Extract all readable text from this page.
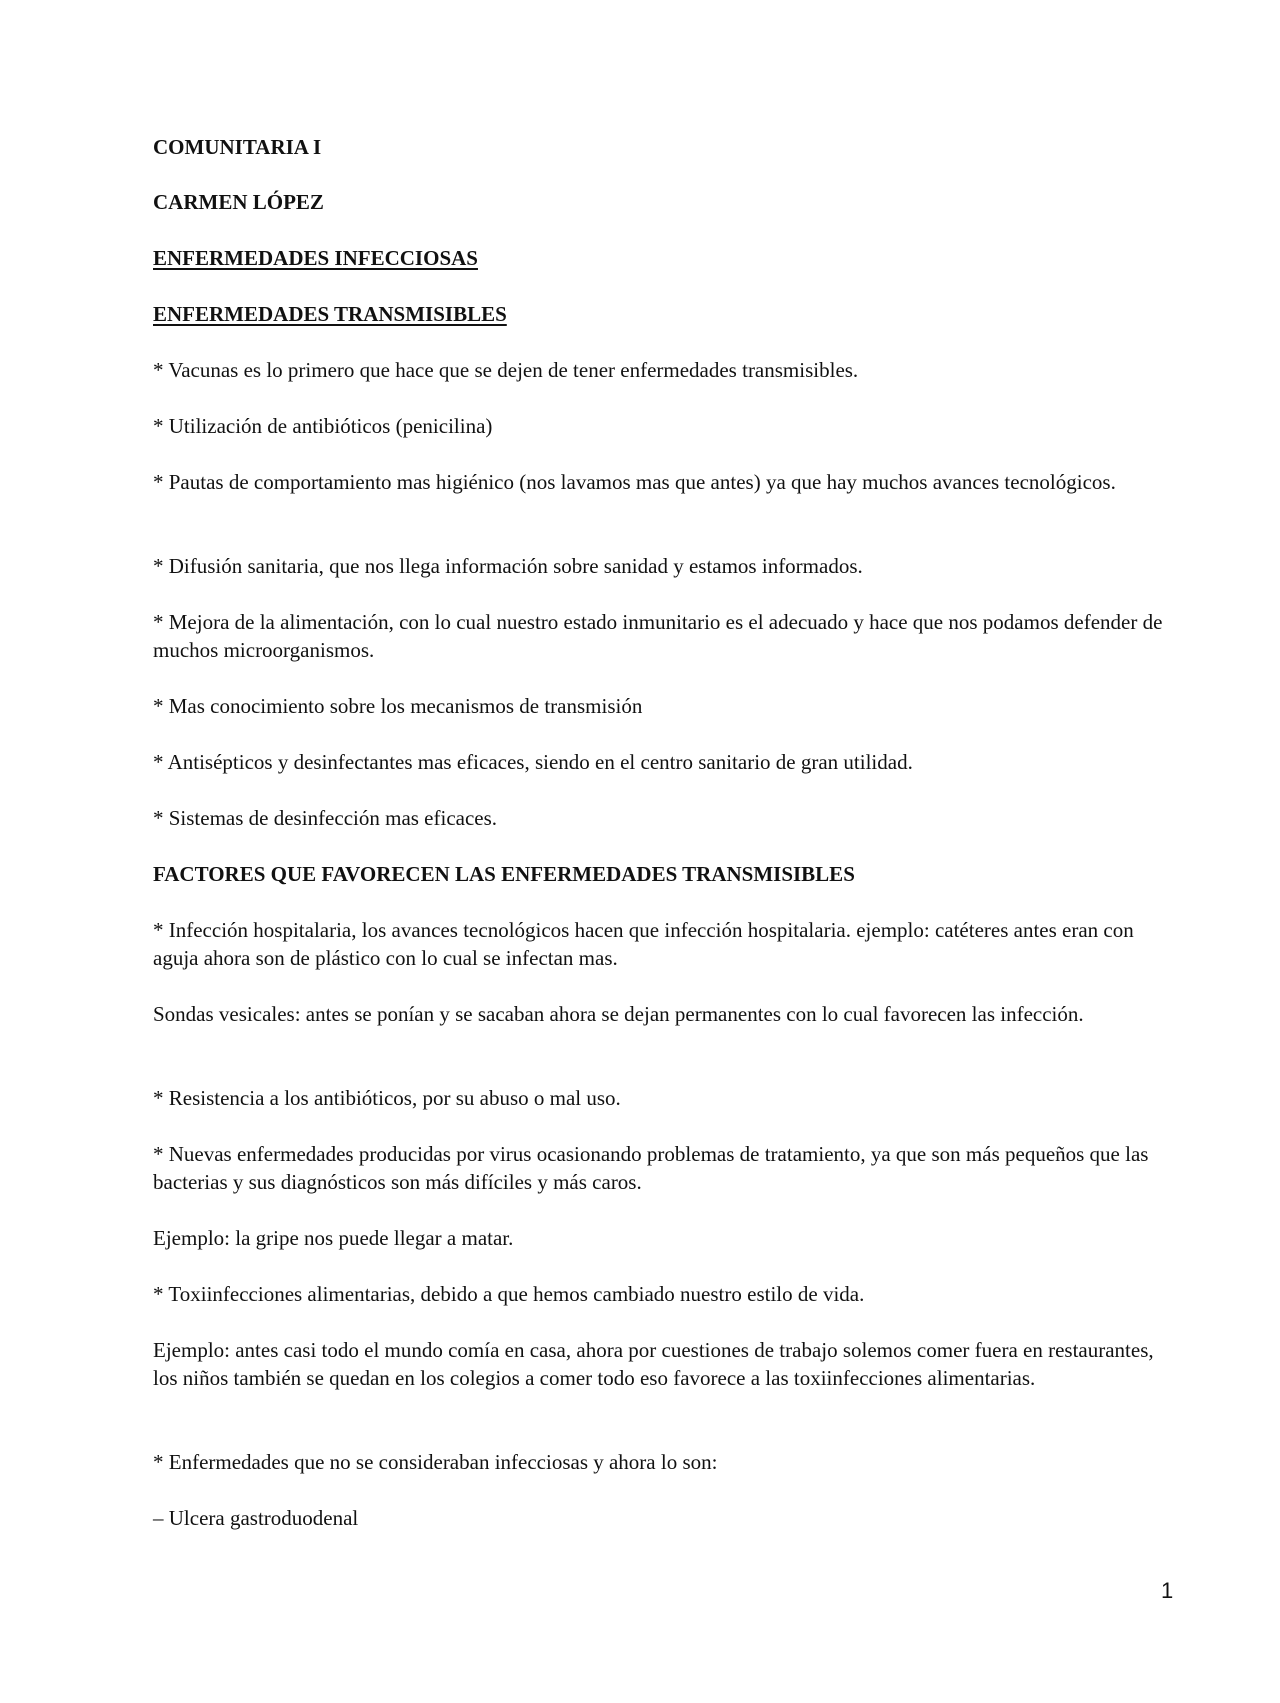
COMUNITARIA I

CARMEN LÓPEZ

ENFERMEDADES INFECCIOSAS

ENFERMEDADES TRANSMISIBLES

* Vacunas es lo primero que hace que se dejen de tener enfermedades transmisibles.

* Utilización de antibióticos (penicilina)

* Pautas de comportamiento mas higiénico (nos lavamos mas que antes) ya que hay muchos avances tecnológicos.

* Difusión sanitaria, que nos llega información sobre sanidad y estamos informados.

* Mejora de la alimentación, con lo cual nuestro estado inmunitario es el adecuado y hace que nos podamos defender de muchos microorganismos.

* Mas conocimiento sobre los mecanismos de transmisión

* Antisépticos y desinfectantes mas eficaces, siendo en el centro sanitario de gran utilidad.

* Sistemas de desinfección mas eficaces.

FACTORES QUE FAVORECEN LAS ENFERMEDADES TRANSMISIBLES

* Infección hospitalaria, los avances tecnológicos hacen que infección hospitalaria. ejemplo: catéteres antes eran con aguja ahora son de plástico con lo cual se infectan mas.

Sondas vesicales: antes se ponían y se sacaban ahora se dejan permanentes con lo cual favorecen las infección.

* Resistencia a los antibióticos, por su abuso o mal uso.

* Nuevas enfermedades producidas por virus ocasionando problemas de tratamiento, ya que son más pequeños que las bacterias y sus diagnósticos son más difíciles y más caros.

Ejemplo: la gripe nos puede llegar a matar.

* Toxiinfecciones alimentarias, debido a que hemos cambiado nuestro estilo de vida.

Ejemplo: antes casi todo el mundo comía en casa, ahora por cuestiones de trabajo solemos comer fuera en restaurantes, los niños también se quedan en los colegios a comer todo eso favorece a las toxiinfecciones alimentarias.

* Enfermedades que no se consideraban infecciosas y ahora lo son:

– Ulcera gastroduodenal

1
